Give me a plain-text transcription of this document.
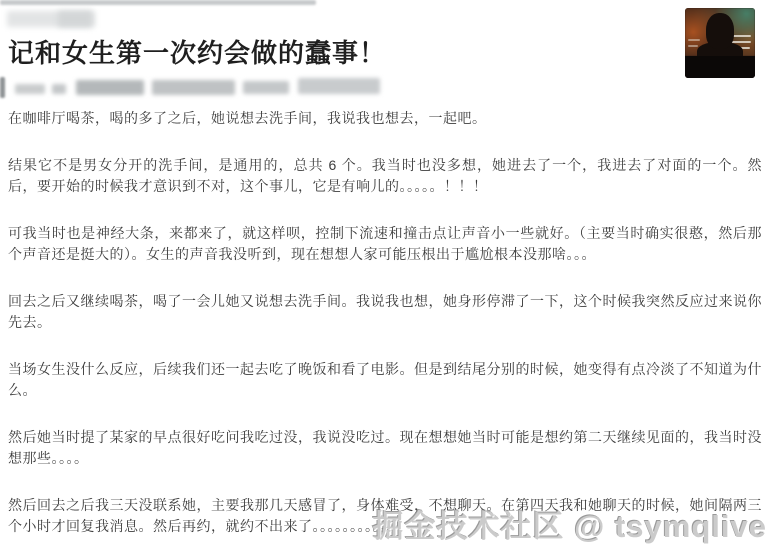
记和女生第一次约会做的蠢事！

在咖啡厅喝茶，喝的多了之后，她说想去洗手间，我说我也想去，一起吧。

结果它不是男女分开的洗手间，是通用的，总共 6 个。我当时也没多想，她进去了一个，我进去了对面的一个。然后，要开始的时候我才意识到不对，这个事儿，它是有响儿的。。。。。！！！

可我当时也是神经大条，来都来了，就这样呗，控制下流速和撞击点让声音小一些就好。（主要当时确实很憨，然后那个声音还是挺大的）。女生的声音我没听到，现在想想人家可能压根出于尴尬根本没那啥。。。

回去之后又继续喝茶，喝了一会儿她又说想去洗手间。我说我也想，她身形停滞了一下，这个时候我突然反应过来说你先去。

当场女生没什么反应，后续我们还一起去吃了晚饭和看了电影。但是到结尾分别的时候，她变得有点冷淡了不知道为什么。

然后她当时提了某家的早点很好吃问我吃过没，我说没吃过。现在想想她当时可能是想约第二天继续见面的，我当时没想那些。。。。

然后回去之后我三天没联系她，主要我那几天感冒了，身体难受，不想聊天。在第四天我和她聊天的时候，她间隔两三个小时才回复我消息。然后再约，就约不出来了。。。。。。。。。。

掘金技术社区 @ tsymqlive
